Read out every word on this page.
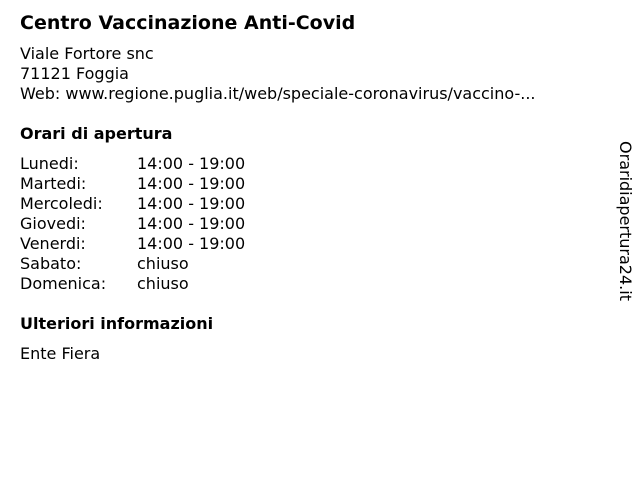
Centro Vaccinazione Anti-Covid
Viale Fortore snc
71121 Foggia
Web: www.regione.puglia.it/web/speciale-coronavirus/vaccino-...
Orari di apertura
Lunedi:	14:00 - 19:00
Martedi:	14:00 - 19:00
Mercoledi:	14:00 - 19:00
Giovedi:	14:00 - 19:00
Venerdi:	14:00 - 19:00
Sabato:	chiuso
Domenica:	chiuso
Ulteriori informazioni
Ente Fiera
Oraridiapertura24.it
